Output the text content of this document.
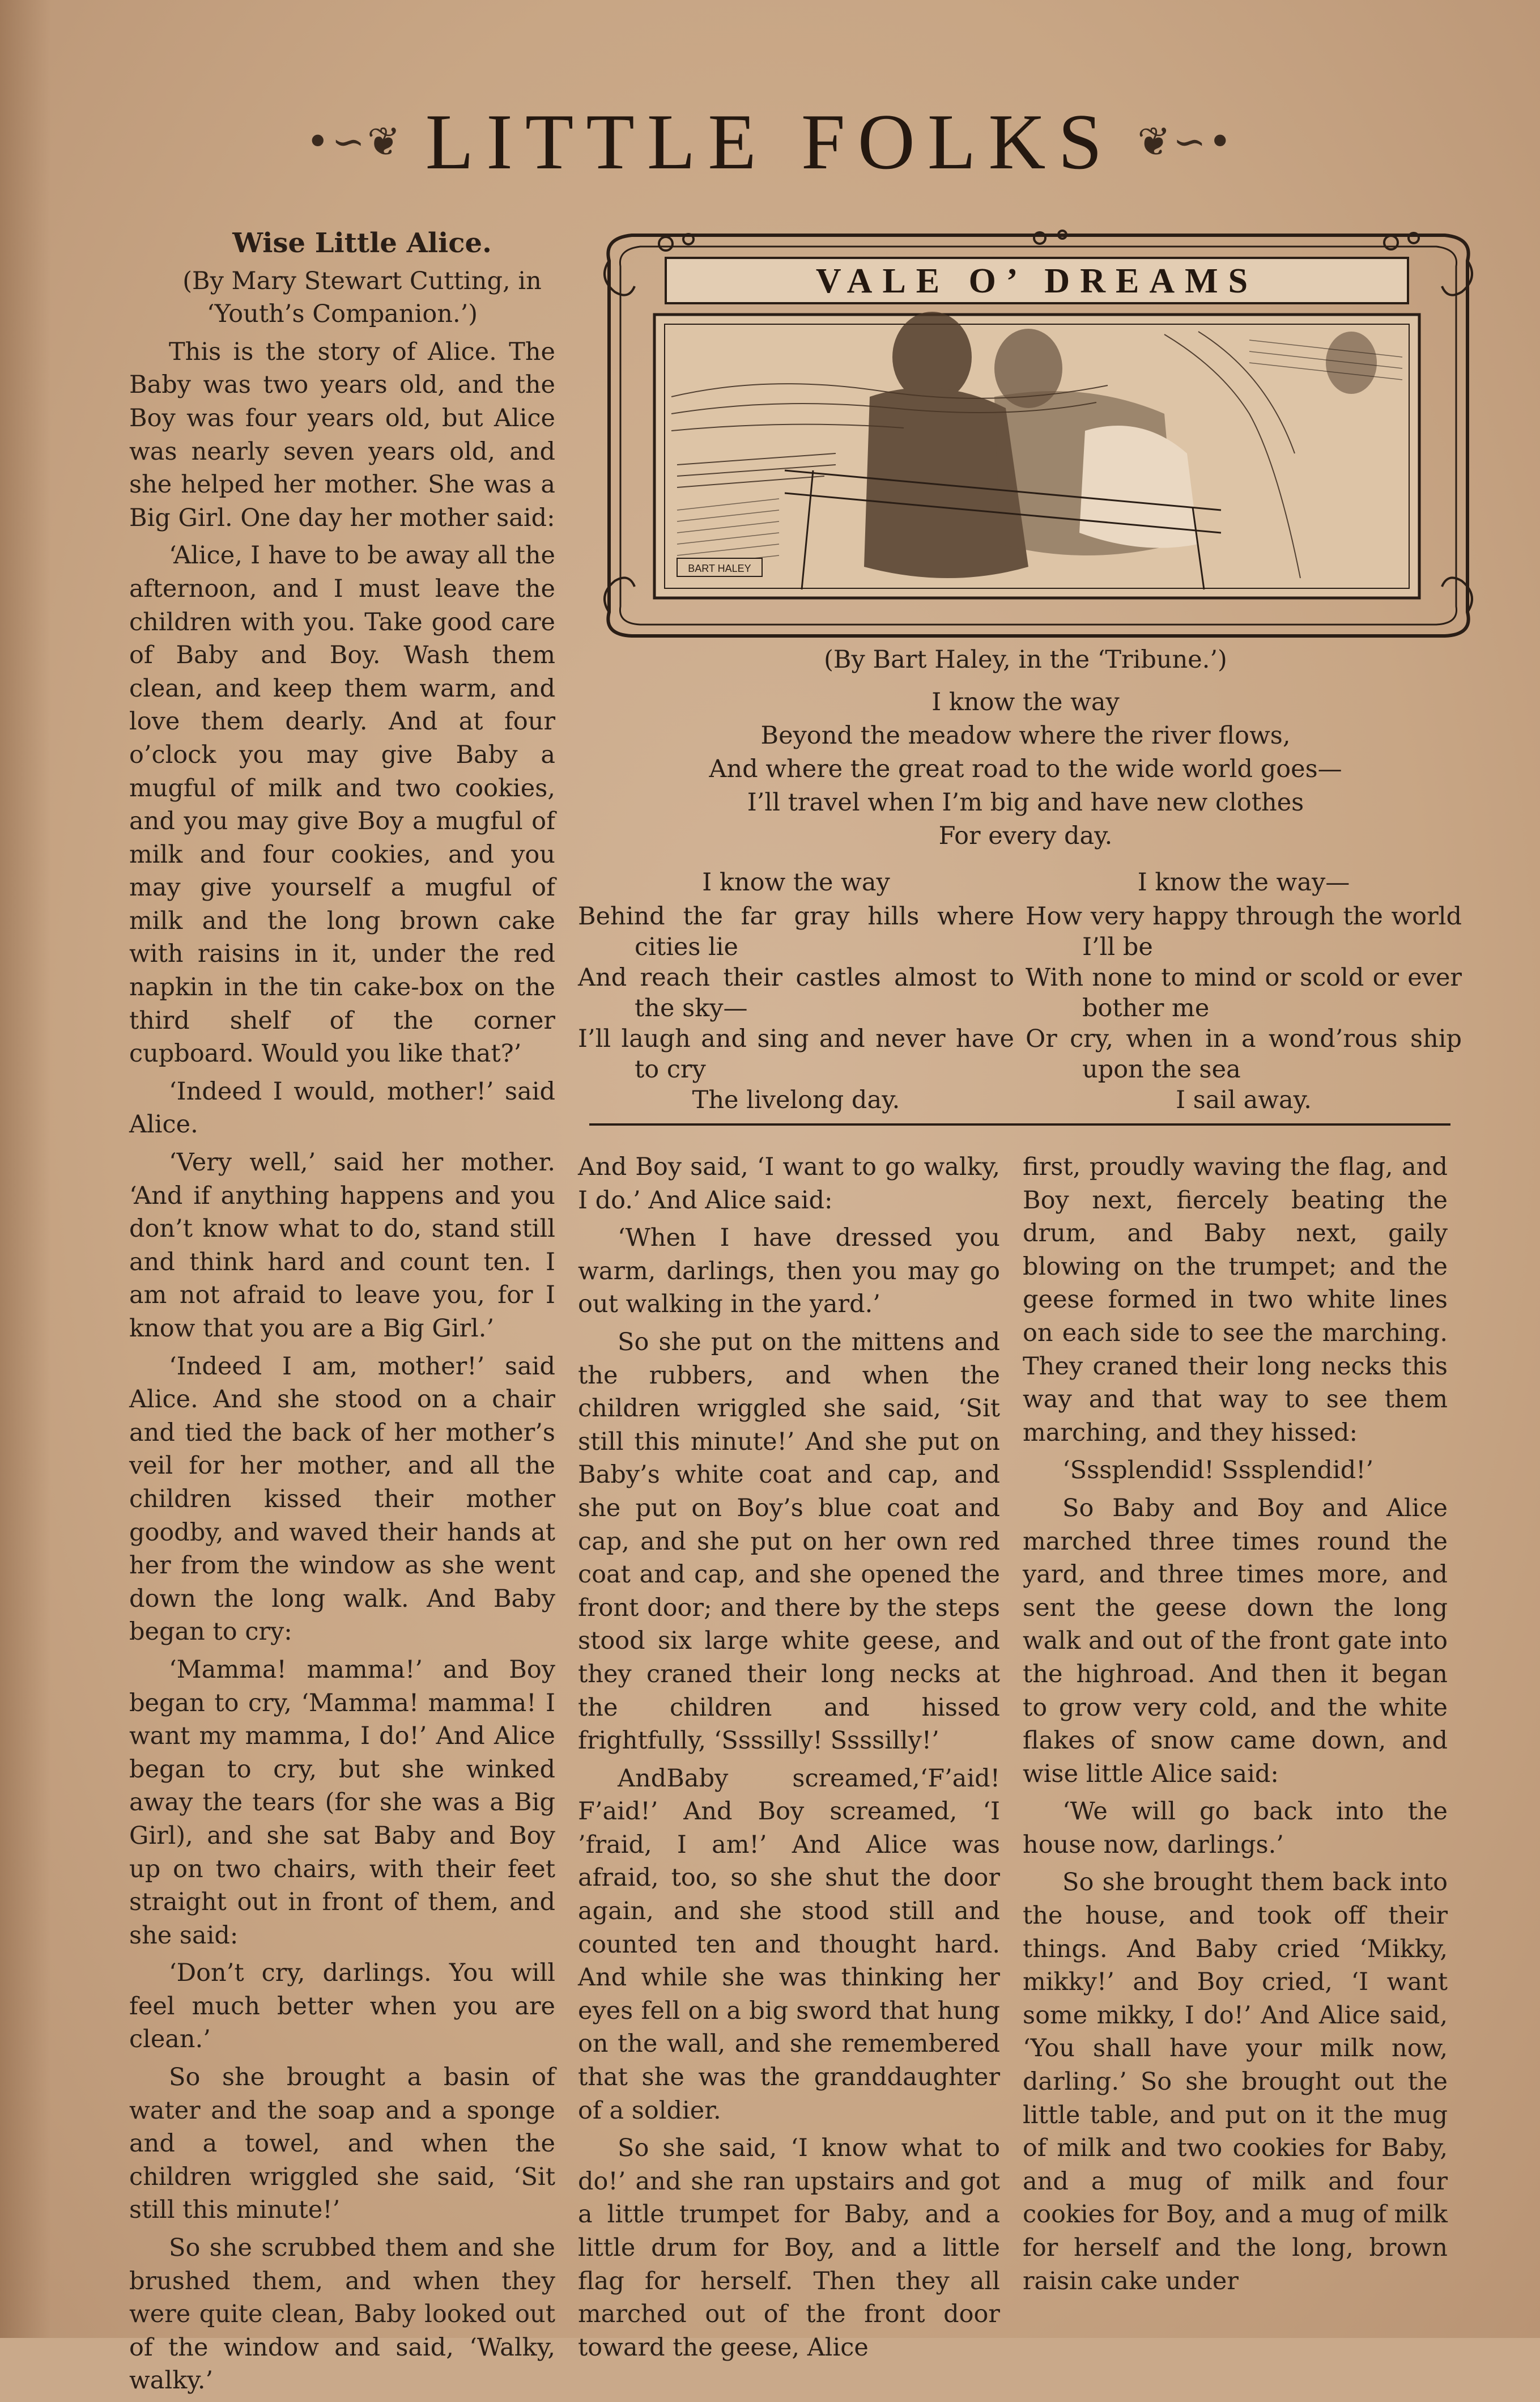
•∽❦ LITTLE FOLKS ❦∽•

Wise Little Alice.

(By Mary Stewart Cutting, in ‘Youth’s Companion.’)

This is the story of Alice. The Baby was two years old, and the Boy was four years old, but Alice was nearly seven years old, and she helped her mother. She was a Big Girl. One day her mother said:

‘Alice, I have to be away all the afternoon, and I must leave the children with you. Take good care of Baby and Boy. Wash them clean, and keep them warm, and love them dearly. And at four o’clock you may give Baby a mugful of milk and two cookies, and you may give Boy a mugful of milk and four cookies, and you may give yourself a mugful of milk and the long brown cake with raisins in it, under the red napkin in the tin cake-box on the third shelf of the corner cupboard. Would you like that?’

‘Indeed I would, mother!’ said Alice.

‘Very well,’ said her mother. ‘And if anything happens and you don’t know what to do, stand still and think hard and count ten. I am not afraid to leave you, for I know that you are a Big Girl.’

‘Indeed I am, mother!’ said Alice. And she stood on a chair and tied the back of her mother’s veil for her mother, and all the children kissed their mother goodby, and waved their hands at her from the window as she went down the long walk. And Baby began to cry:

‘Mamma! mamma!’ and Boy began to cry, ‘Mamma! mamma! I want my mamma, I do!’ And Alice began to cry, but she winked away the tears (for she was a Big Girl), and she sat Baby and Boy up on two chairs, with their feet straight out in front of them, and she said:

‘Don’t cry, darlings. You will feel much better when you are clean.’

So she brought a basin of water and the soap and a sponge and a towel, and when the children wriggled she said, ‘Sit still this minute!’

So she scrubbed them and she brushed them, and when they were quite clean, Baby looked out of the window and said, ‘Walky, walky.’

VALE O’ DREAMS
BART HALEY
(By Bart Haley, in the ‘Tribune.’)
I know the way
Beyond the meadow where the river flows,
And where the great road to the wide world goes—
I’ll travel when I’m big and have new clothes
For every day.
I know the way
Behind the far gray hills where cities lie
And reach their castles almost to the sky—
I’ll laugh and sing and never have to cry
The livelong day.
I know the way—
How very happy through the world I’ll be
With none to mind or scold or ever bother me
Or cry, when in a wond’rous ship upon the sea
I sail away.

And Boy said, ‘I want to go walky, I do.’ And Alice said:

‘When I have dressed you warm, darlings, then you may go out walking in the yard.’

So she put on the mittens and the rubbers, and when the children wriggled she said, ‘Sit still this minute!’ And she put on Baby’s white coat and cap, and she put on Boy’s blue coat and cap, and she put on her own red coat and cap, and she opened the front door; and there by the steps stood six large white geese, and they craned their long necks at the children and hissed frightfully, ‘Ssssilly! Ssssilly!’

AndBaby screamed,‘F’aid! F’aid!’ And Boy screamed, ‘I ’fraid, I am!’ And Alice was afraid, too, so she shut the door again, and she stood still and counted ten and thought hard. And while she was thinking her eyes fell on a big sword that hung on the wall, and she remembered that she was the granddaughter of a soldier.

So she said, ‘I know what to do!’ and she ran upstairs and got a little trumpet for Baby, and a little drum for Boy, and a little flag for herself. Then they all marched out of the front door toward the geese, Alice

first, proudly waving the flag, and Boy next, fiercely beating the drum, and Baby next, gaily blowing on the trumpet; and the geese formed in two white lines on each side to see the marching. They craned their long necks this way and that way to see them marching, and they hissed:

‘Sssplendid! Sssplendid!’

So Baby and Boy and Alice marched three times round the yard, and three times more, and sent the geese down the long walk and out of the front gate into the highroad. And then it began to grow very cold, and the white flakes of snow came down, and wise little Alice said:

‘We will go back into the house now, darlings.’

So she brought them back into the house, and took off their things. And Baby cried ‘Mikky, mikky!’ and Boy cried, ‘I want some mikky, I do!’ And Alice said, ‘You shall have your milk now, darling.’ So she brought out the little table, and put on it the mug of milk and two cookies for Baby, and a mug of milk and four cookies for Boy, and a mug of milk for herself and the long, brown raisin cake under
